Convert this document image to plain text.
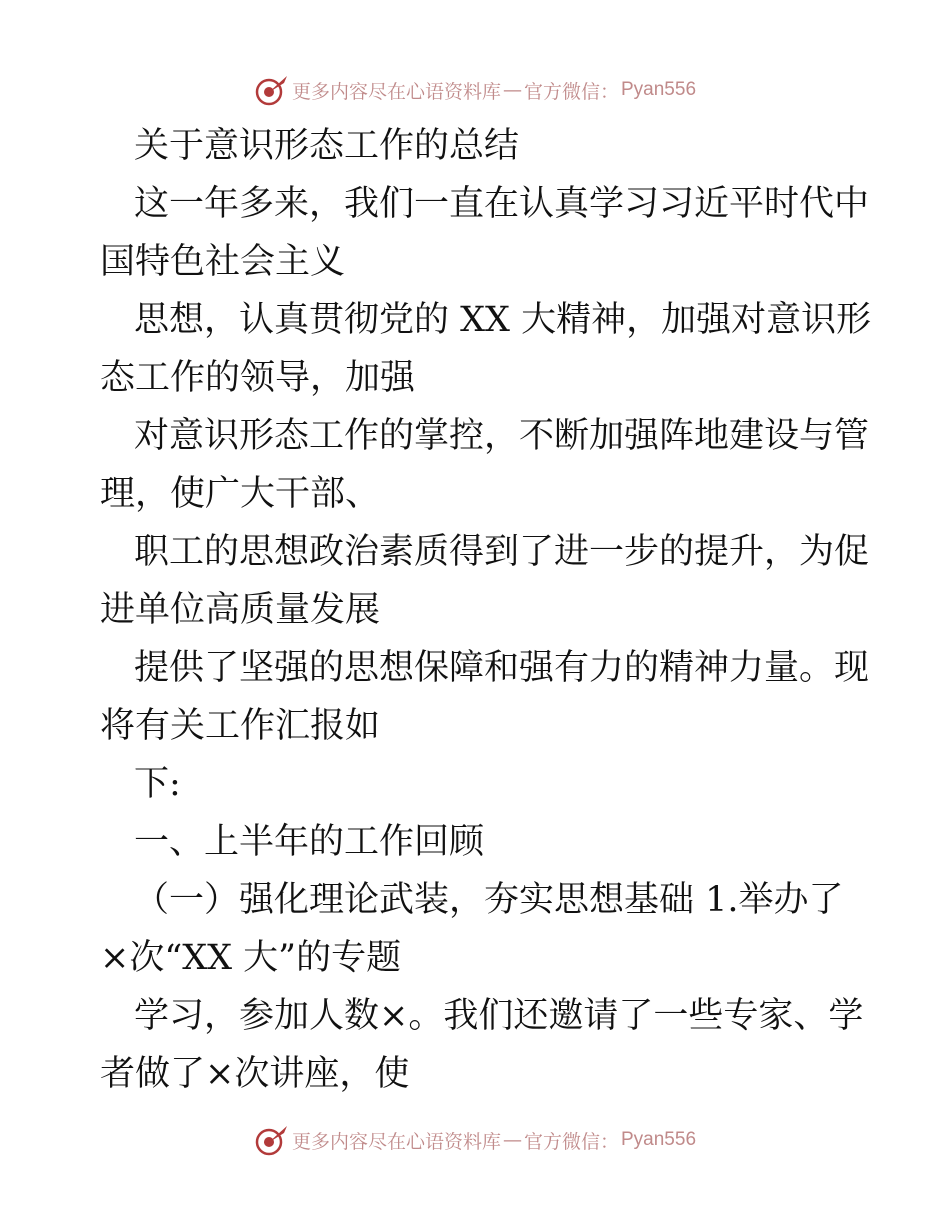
更多内容尽在心语资料库 — 官方微信： Pyan556
关于意识形态工作的总结
这一年多来，我们一直在认真学习习近平时代中
国特色社会主义
思想，认真贯彻党的 XX 大精神，加强对意识形
态工作的领导，加强
对意识形态工作的掌控，不断加强阵地建设与管
理，使广大干部、
职工的思想政治素质得到了进一步的提升，为促
进单位高质量发展
提供了坚强的思想保障和强有力的精神力量。现
将有关工作汇报如
下:
一、上半年的工作回顾
（一）强化理论武装，夯实思想基础 1.举办了
×次“XX 大”的专题
学习，参加人数×。我们还邀请了一些专家、学
者做了×次讲座，使
更多内容尽在心语资料库 — 官方微信： Pyan556
